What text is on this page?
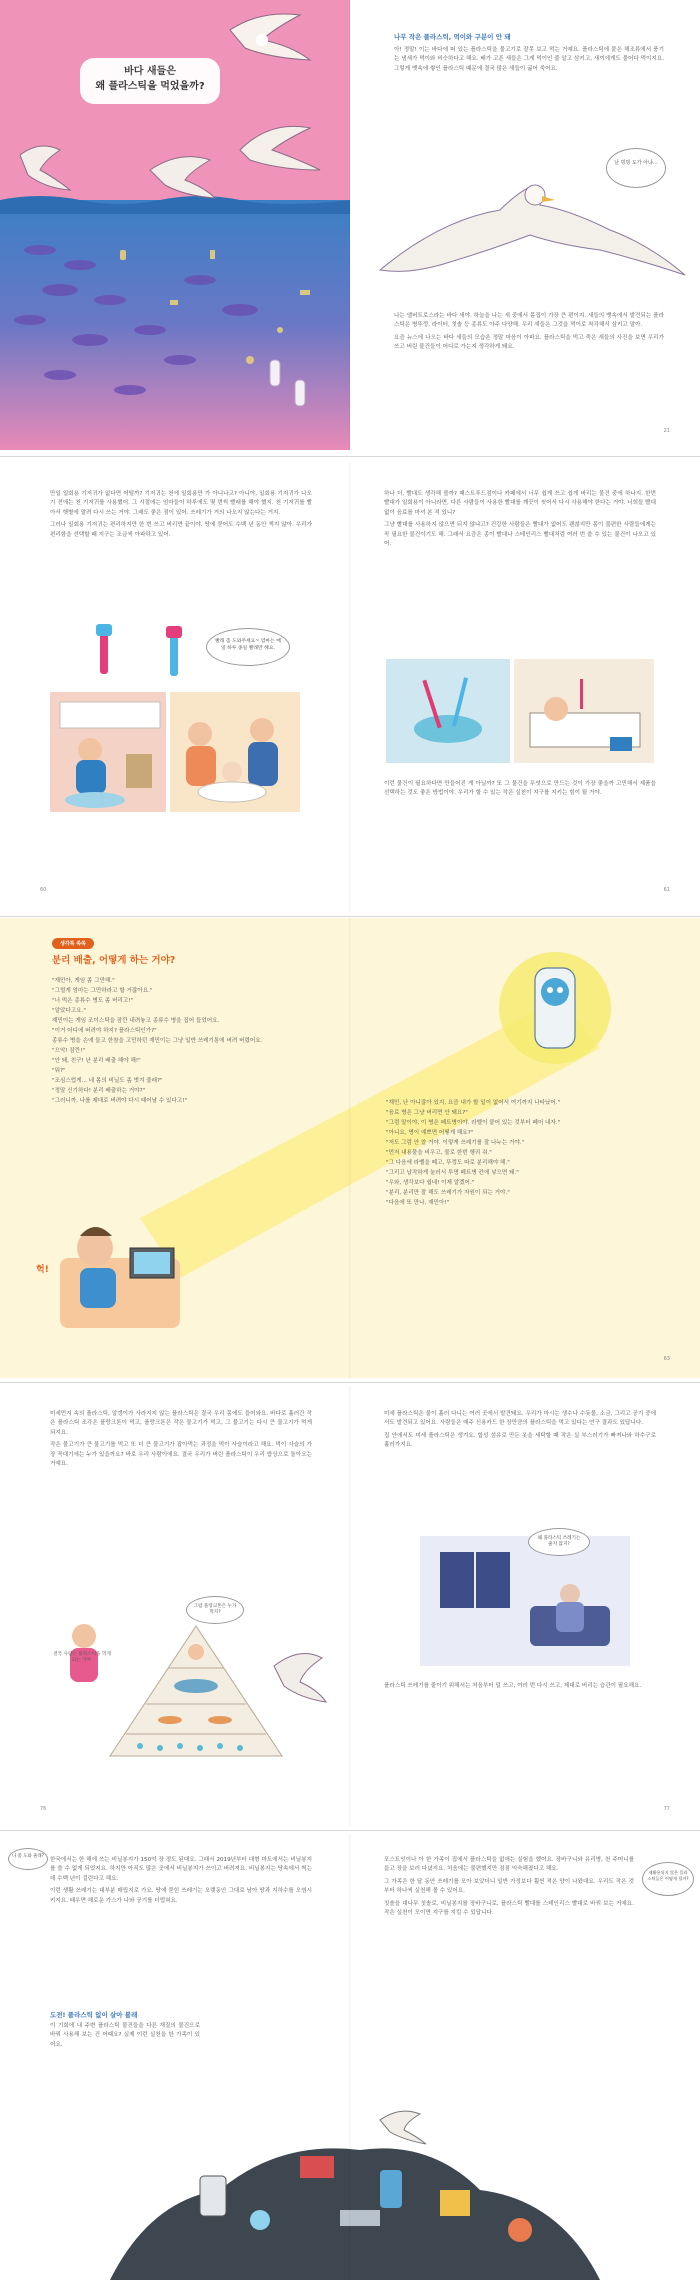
바다 새들은
왜 플라스틱을 먹었을까?
나무 작은 플라스틱, 먹이와 구분이 안 돼

아! 정말! 이는 바다에 떠 있는 플라스틱을 물고기로 잘못 보고 먹는 거예요. 플라스틱에 붙은 해조류에서 풍기는 냄새가 먹이와 비슷하다고 해요. 배가 고픈 새들은 그게 먹이인 줄 알고 삼키고, 새끼에게도 물어다 먹이지요. 그렇게 뱃속에 쌓인 플라스틱 때문에 결국 많은 새들이 굶어 죽어요.

난 빙빙 도가 아냐…

나는 앨버트로스라는 바다 새야. 하늘을 나는 새 중에서 몸집이 가장 큰 편이지. 새들의 뱃속에서 발견되는 플라스틱은 병뚜껑, 라이터, 칫솔 등 종류도 아주 다양해. 우리 새들은 그것을 먹이로 착각해서 삼키고 말아.

요즘 뉴스에 나오는 바다 새들의 모습은 정말 마음이 아파요. 플라스틱을 먹고 죽은 새들의 사진을 보면 우리가 쓰고 버린 물건들이 어디로 가는지 생각하게 돼요.

21

만일 일회용 기저귀가 없다면 어떨까? 기저귀는 천에 일회용만 가 아니나고? 아니야, 일회용 기저귀가 나오기 전에는 천 기저귀를 사용했어. 그 시절에는 엄마들이 하루에도 몇 번씩 빨래를 해야 했지. 천 기저귀를 빨아서 햇볕에 말려 다시 쓰는 거야. 그래도 좋은 점이 있어. 쓰레기가 거의 나오지 않는다는 거지.

그러나 일회용 기저귀는 편리하지만 한 번 쓰고 버리면 끝이야. 땅에 묻어도 수백 년 동안 썩지 않아. 우리가 편리함을 선택할 때 지구는 조금씩 아파하고 있어.

빨래 좀 도와주세요~ 엄마는 매일 하루 종일 빨래만 해요.
60

하나 더, 빨대도 생각해 볼까? 패스트푸드점이나 카페에서 너무 쉽게 쓰고 쉽게 버리는 물건 중에 하나지. 한번 빨대가 일회용이 아니라면, 다른 사람들이 사용한 빨대를 깨끗이 씻어서 다시 사용해야 한다는 거야. 너희들 빨대 없이 음료를 마셔 본 적 있니?

그냥 빨대를 사용하지 않으면 되지 않냐고? 건강한 사람들은 빨대가 없어도 괜찮지만 몸이 불편한 사람들에게는 꼭 필요한 물건이기도 해. 그래서 요즘은 종이 빨대나 스테인리스 빨대처럼 여러 번 쓸 수 있는 물건이 나오고 있어.

이런 물건이 필요하다면 만들어진 게 아닐까? 또 그 물건을 무엇으로 만드는 것이 가장 좋을까 고민해서 제품을 선택하는 것도 좋은 방법이야. 우리가 할 수 있는 작은 실천이 지구를 지키는 힘이 될 거야.

61
생각톡 쏙쏙
분리 배출, 어떻게 하는 거야?
"재민아, 게임 좀 그만해."
"그럴게 엄마는 그만하라고 할 거잖아요."
"너 먹은 종류수 병도 좀 버리고!"
"알았다고요."
재민이는 게임 조이스틱을 잠깐 내려놓고 종류수 병을 집어 들었어요.
"이거 어디에 버려야 하지? 플라스틱인가?"
종류수 병을 손에 들고 한참을 고민하던 재민이는 그냥 일반 쓰레기통에 버려 버렸어요.
"으악! 잠깐!"
"안 돼, 친구! 난 분리 배출 해야 해!"
"뭐?"
"조심스럽게... 네 몸의 비닐도 좀 벗겨 줄래?"
"정말 신기하다! 분리 배출하는 거야?"
"그러니까, 나를 제대로 버려야 다시 태어날 수 있다고!"	"재민, 난 아니잖아 있지, 요즘 내가 할 일이 없어서 여기까지 나타났어."
"음료 병은 그냥 버리면 안 돼요?"
"그럼 말이야, 이 병은 페트병이야. 라벨이 붙어 있는 것부터 떼어 내자."
"아니요, 병이 예쁘면 어떻게 해요?"
"저도 그럼 안 쓸 거야. 이렇게 쓰레기를 잘 나누는 거야."
"먼저 내용물을 비우고, 물로 한번 헹궈 줘."
"그 다음에 라벨을 떼고, 뚜껑도 따로 분리해야 해."
"그리고 납작하게 눌러서 투명 페트병 칸에 넣으면 돼."
"우와, 생각보다 쉽네! 이제 알겠어."
"분리, 분리만 잘 해도 쓰레기가 자원이 되는 거야."
"다음에 또 만나, 재민아!"
헉!
63

미세먼지 속의 플라스틱, 알갱이가 사라지지 않는 플라스틱은 결국 우리 몸에도 들어와요. 바다로 흘러간 작은 플라스틱 조각은 플랑크톤이 먹고, 플랑크톤은 작은 물고기가 먹고, 그 물고기는 다시 큰 물고기가 먹게 되지요.

작은 물고기가 큰 물고기를 먹고 또 더 큰 물고기가 잡아먹는 과정을 먹이 사슬이라고 해요. 먹이 사슬의 가장 꼭대기에는 누가 있을까요? 바로 우리 사람이에요. 결국 우리가 버린 플라스틱이 우리 밥상으로 돌아오는 거예요.

그럼 플랑크톤은 누가 먹지?
결국 사람은 플라스틱을 먹게 되는 거야.
76

미세 플라스틱은 물이 흘러 다니는 여러 곳에서 발견돼요. 우리가 마시는 생수나 수돗물, 소금, 그리고 공기 중에서도 발견되고 있어요. 사람들은 매주 신용카드 한 장만큼의 플라스틱을 먹고 있다는 연구 결과도 있답니다.

집 안에서도 미세 플라스틱은 생겨요. 합성 섬유로 만든 옷을 세탁할 때 작은 실 부스러기가 빠져나와 하수구로 흘러가지요.

왜 플라스틱 쓰레기는 줄지 않지?

플라스틱 쓰레기를 줄이기 위해서는 처음부터 덜 쓰고, 여러 번 다시 쓰고, 제대로 버리는 습관이 필요해요.

77
나 좀 도와 줄래?

한국에서는 한 해에 쓰는 비닐봉지가 150억 장 정도 된대요. 그래서 2019년부터 대형 마트에서는 비닐봉지를 쓸 수 없게 되었지요. 하지만 아직도 많은 곳에서 비닐봉지가 쓰이고 버려져요. 비닐봉지는 땅속에서 썩는 데 수백 년이 걸린다고 해요.

이런 생활 쓰레기는 대부분 매립지로 가요. 땅에 묻힌 쓰레기는 오랫동안 그대로 남아 땅과 지하수를 오염시키지요. 태우면 해로운 가스가 나와 공기를 더럽혀요.

도전! 플라스틱 없이 살아 볼래

이 기회에 내 주변 플라스틱 물건들을 다른 재질의 물건으로 바꿔 사용해 보는 건 어때요? 실제 이런 실천을 한 가족이 있어요.

포스트잇이나 아 한 가족이 집에서 플라스틱을 없애는 실험을 했어요. 장바구니와 유리병, 천 주머니를 들고 장을 보러 다녔지요. 처음에는 불편했지만 점점 익숙해졌다고 해요.

그 가족은 한 달 동안 쓰레기를 모아 보았더니 일반 가정보다 훨씬 적은 양이 나왔대요. 우리도 작은 것부터 하나씩 실천해 볼 수 있어요.

칫솔을 대나무 칫솔로, 비닐봉지를 장바구니로, 플라스틱 빨대를 스테인리스 빨대로 바꿔 보는 거예요. 작은 실천이 모이면 지구를 지킬 수 있답니다.

재활용되지 않은 플라스틱들은 어떻게 될까?
